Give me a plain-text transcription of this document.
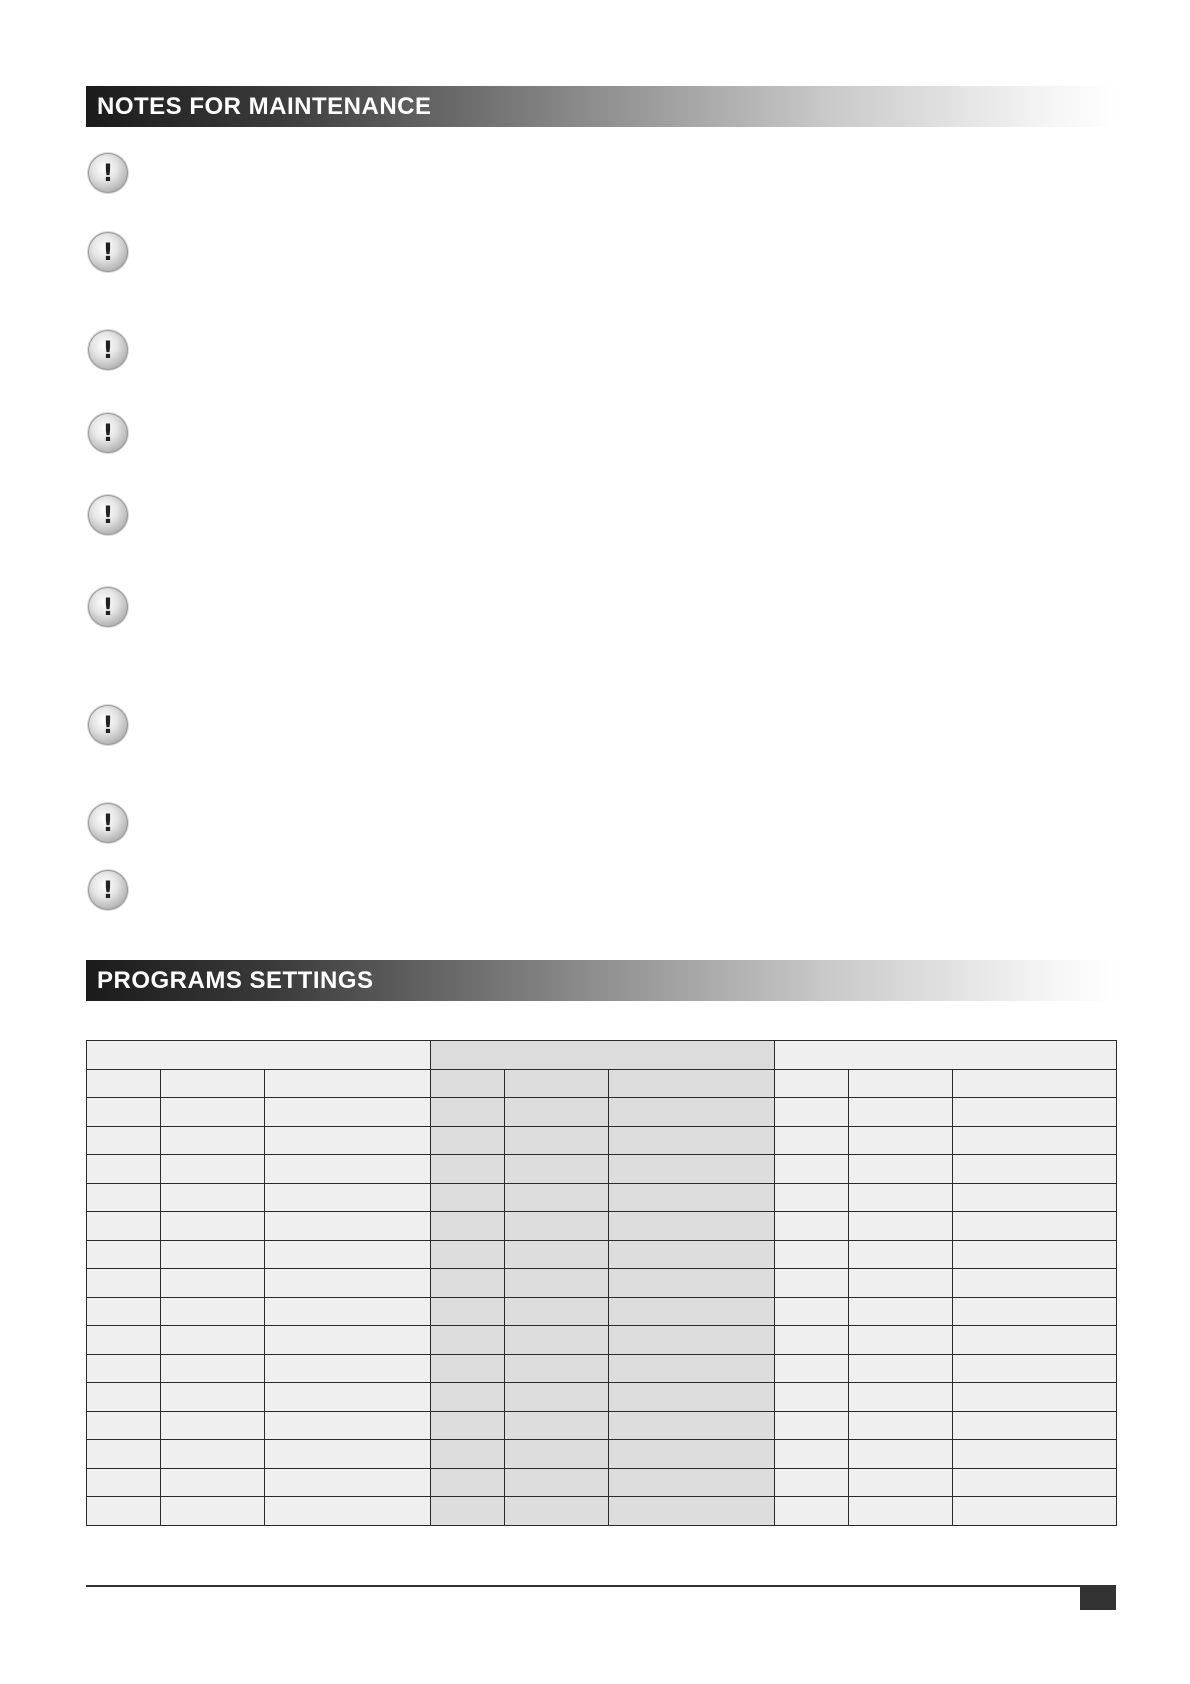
NOTES FOR MAINTENANCE
!
!
!
!
!
!
!
!
!
PROGRAMS SETTINGS
